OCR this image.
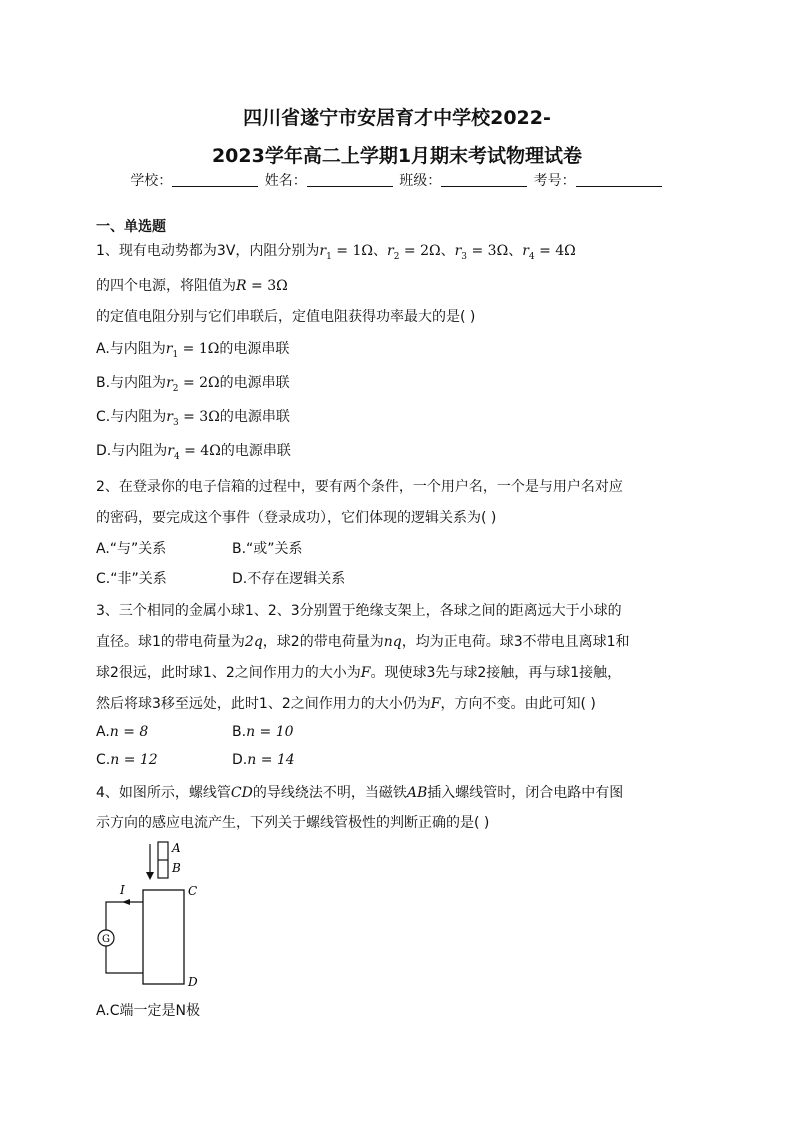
四川省遂宁市安居育才中学校2022-
2023学年高二上学期1月期末考试物理试卷
学校：	姓名：	班级：	考号：
一、单选题
1、现有电动势都为3V，内阻分别为$r_1 = 1\Omega$、$r_2 = 2\Omega$、$r_3 = 3\Omega$、$r_4 = 4\Omega$
的四个电源，将阻值为R = 3Ω
的定值电阻分别与它们串联后，定值电阻获得功率最大的是( )
A.与内阻为$r_1 = 1\Omega$的电源串联
B.与内阻为$r_2 = 2\Omega$的电源串联
C.与内阻为$r_3 = 3\Omega$的电源串联
D.与内阻为$r_4 = 4\Omega$的电源串联
2、在登录你的电子信箱的过程中，要有两个条件，一个用户名，一个是与用户名对应
的密码，要完成这个事件（登录成功），它们体现的逻辑关系为( )
A.“与”关系	B.“或”关系
C.“非”关系	D.不存在逻辑关系
3、三个相同的金属小球1、2、3分别置于绝缘支架上，各球之间的距离远大于小球的
直径。球1的带电荷量为2q，球2的带电荷量为nq，均为正电荷。球3不带电且离球1和
球2很远，此时球1、2之间作用力的大小为F。现使球3先与球2接触，再与球1接触，
然后将球3移至远处，此时1、2之间作用力的大小仍为F，方向不变。由此可知( )
A.n = 8	B.n = 10
C.n = 12	D.n = 14
4、如图所示，螺线管CD的导线绕法不明，当磁铁AB插入螺线管时，闭合电路中有图
示方向的感应电流产生，下列关于螺线管极性的判断正确的是( )
A
B
C
D
I
G
A.C端一定是N极
